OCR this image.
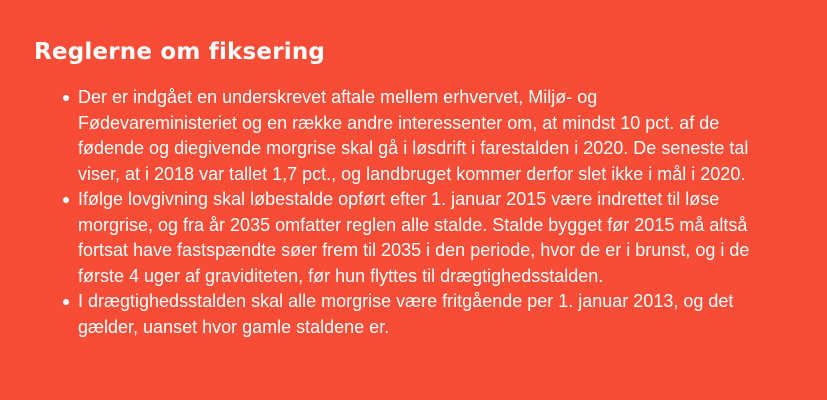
Reglerne om fiksering
Der er indgået en underskrevet aftale mellem erhvervet, Miljø- og
Fødevareministeriet og en række andre interessenter om, at mindst 10 pct. af de
fødende og diegivende morgrise skal gå i løsdrift i farestalden i 2020. De seneste tal
viser, at i 2018 var tallet 1,7 pct., og landbruget kommer derfor slet ikke i mål i 2020.
Ifølge lovgivning skal løbestalde opført efter 1. januar 2015 være indrettet til løse
morgrise, og fra år 2035 omfatter reglen alle stalde. Stalde bygget før 2015 må altså
fortsat have fastspændte søer frem til 2035 i den periode, hvor de er i brunst, og i de
første 4 uger af graviditeten, før hun flyttes til drægtighedsstalden.
I drægtighedsstalden skal alle morgrise være fritgående per 1. januar 2013, og det
gælder, uanset hvor gamle staldene er.
